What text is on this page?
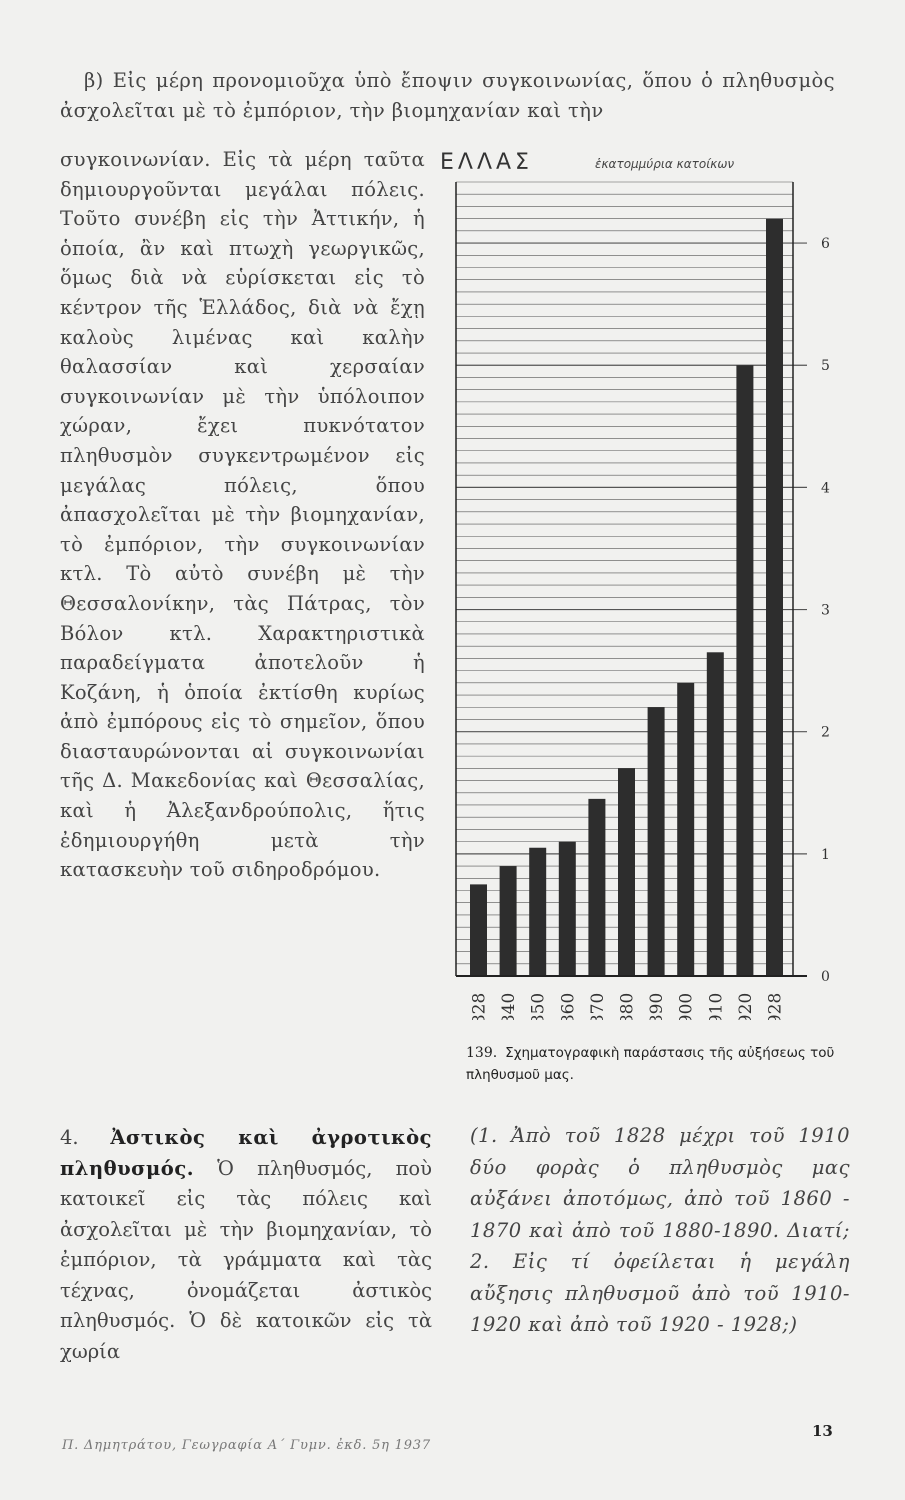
β) Εἰς μέρη προνομιοῦχα ὑπὸ ἔποψιν συγκοινωνίας, ὅπου ὁ πληθυσμὸς ἀσχολεῖται μὲ τὸ ἐμπόριον, τὴν βιομηχανίαν καὶ τὴν

συγκοινωνίαν. Εἰς τὰ μέρη ταῦτα δημιουργοῦνται μεγάλαι πόλεις. Τοῦτο συνέβη εἰς τὴν Ἀττικήν, ἡ ὁποία, ἂν καὶ πτωχὴ γεωργικῶς, ὅμως διὰ νὰ εὑρίσκεται εἰς τὸ κέντρον τῆς Ἑλλάδος, διὰ νὰ ἔχῃ καλοὺς λιμένας καὶ καλὴν θαλασσίαν καὶ χερσαίαν συγκοινωνίαν μὲ τὴν ὑπόλοιπον χώραν, ἔχει πυκνότατον πληθυσμὸν συγκεντρωμένον εἰς μεγάλας πόλεις, ὅπου ἀπασχολεῖται μὲ τὴν βιομηχανίαν, τὸ ἐμπόριον, τὴν συγκοινωνίαν κτλ. Τὸ αὐτὸ συνέβη μὲ τὴν Θεσσαλονίκην, τὰς Πάτρας, τὸν Βόλον κτλ. Χαρακτηριστικὰ παραδείγματα ἀποτελοῦν ἡ Κοζάνη, ἡ ὁποία ἐκτίσθη κυρίως ἀπὸ ἐμπόρους εἰς τὸ σημεῖον, ὅπου διασταυρώνονται αἱ συγκοινωνίαι τῆς Δ. Μακεδονίας καὶ Θεσσαλίας, καὶ ἡ Ἀλεξανδρούπολις, ἥτις ἐδημιουργήθη μετὰ τὴν κατασκευὴν τοῦ σιδηροδρόμου.

ΕΛΛΑΣ	ἑκατομμύρια κατοίκων
0
1
2
3
4
5
6
1828 1840 1850 1860 1870 1880 1890 1900 1910 1920 1928
139. Σχηματογραφικὴ παράστασις τῆς αὐξήσεως τοῦ πληθυσμοῦ μας.
4. Ἀστικὸς καὶ ἀγροτικὸς πληθυσμός. Ὁ πληθυσμός, ποὺ κατοικεῖ εἰς τὰς πόλεις καὶ ἀσχολεῖται μὲ τὴν βιομηχανίαν, τὸ ἐμπόριον, τὰ γράμματα καὶ τὰς τέχνας, ὀνομάζεται ἀστικὸς πληθυσμός. Ὁ δὲ κατοικῶν εἰς τὰ χωρία
(1. Ἀπὸ τοῦ 1828 μέχρι τοῦ 1910 δύο φορὰς ὁ πληθυσμὸς μας αὐξάνει ἀποτόμως, ἀπὸ τοῦ 1860 - 1870 καὶ ἀπὸ τοῦ 1880-1890. Διατί; 2. Εἰς τί ὀφείλεται ἡ μεγάλη αὔξησις πληθυσμοῦ ἀπὸ τοῦ 1910-1920 καὶ ἀπὸ τοῦ 1920 - 1928;)
Π. Δημητράτου, Γεωγραφία Α΄ Γυμν. ἐκδ. 5η 1937
13
